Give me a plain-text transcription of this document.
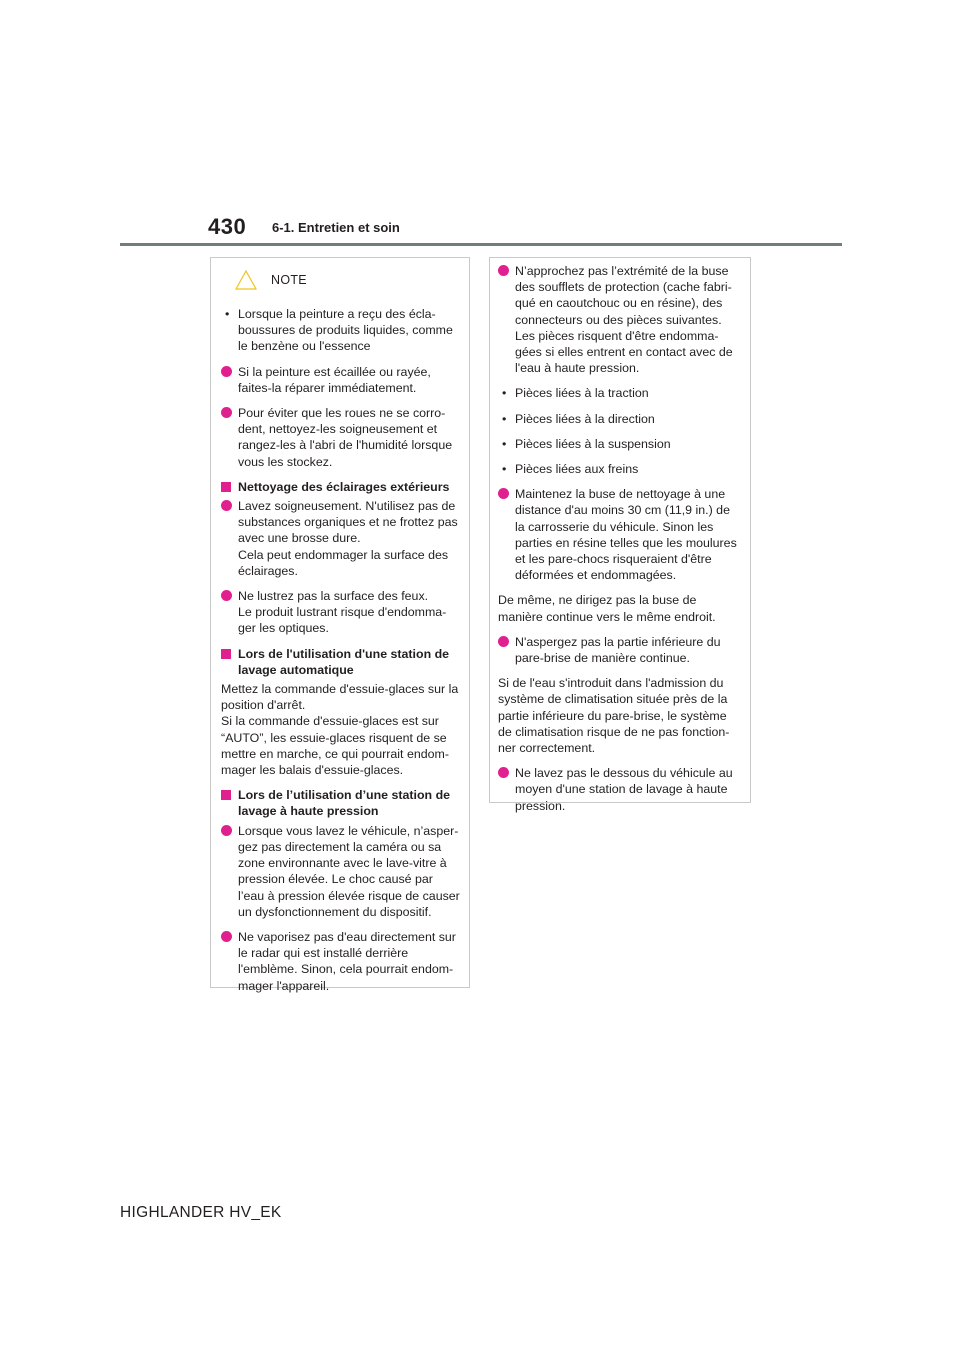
430 6-1. Entretien et soin
NOTE
• Lorsque la peinture a reçu des écla-boussures de produits liquides, comme le benzène ou l'essence
Si la peinture est écaillée ou rayée, faites-la réparer immédiatement.
Pour éviter que les roues ne se corro-dent, nettoyez-les soigneusement et rangez-les à l'abri de l'humidité lorsque vous les stockez.
Nettoyage des éclairages extérieurs
Lavez soigneusement. N'utilisez pas de substances organiques et ne frottez pas avec une brosse dure.
Cela peut endommager la surface des éclairages.
Ne lustrez pas la surface des feux.
Le produit lustrant risque d'endomma-ger les optiques.
Lors de l'utilisation d'une station de lavage automatique
Mettez la commande d'essuie-glaces sur la position d'arrêt.
Si la commande d'essuie-glaces est sur “AUTO”, les essuie-glaces risquent de se mettre en marche, ce qui pourrait endom-mager les balais d'essuie-glaces.
Lors de l’utilisation d’une station de lavage à haute pression
Lorsque vous lavez le véhicule, n’asper-gez pas directement la caméra ou sa zone environnante avec le lave-vitre à pression élevée. Le choc causé par l’eau à pression élevée risque de causer un dysfonctionnement du dispositif.
Ne vaporisez pas d'eau directement sur le radar qui est installé derrière l'emblème. Sinon, cela pourrait endom-mager l'appareil.
N’approchez pas l’extrémité de la buse des soufflets de protection (cache fabri-qué en caoutchouc ou en résine), des connecteurs ou des pièces suivantes. Les pièces risquent d'être endomma-gées si elles entrent en contact avec de l'eau à haute pression.
• Pièces liées à la traction
• Pièces liées à la direction
• Pièces liées à la suspension
• Pièces liées aux freins
Maintenez la buse de nettoyage à une distance d'au moins 30 cm (11,9 in.) de la carrosserie du véhicule. Sinon les parties en résine telles que les moulures et les pare-chocs risqueraient d'être déformées et endommagées.
De même, ne dirigez pas la buse de manière continue vers le même endroit.
N'aspergez pas la partie inférieure du pare-brise de manière continue.
Si de l'eau s'introduit dans l'admission du système de climatisation située près de la partie inférieure du pare-brise, le système de climatisation risque de ne pas fonction-ner correctement.
Ne lavez pas le dessous du véhicule au moyen d'une station de lavage à haute pression.
HIGHLANDER HV_EK
